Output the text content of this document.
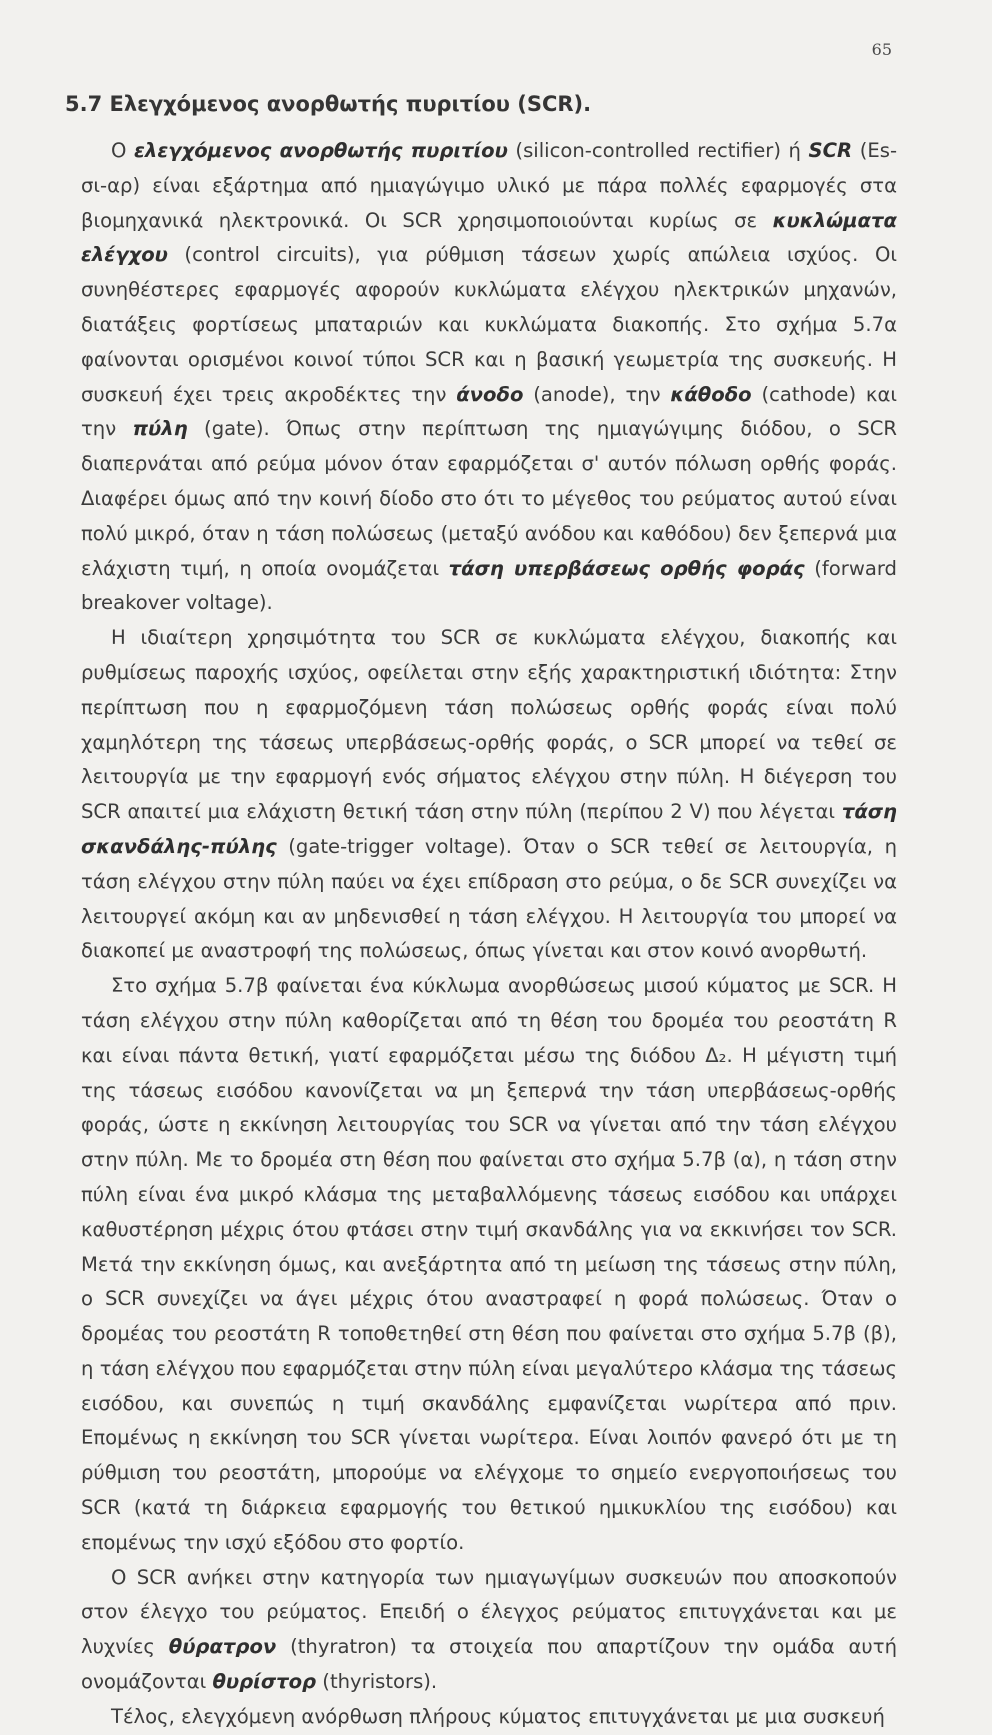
65
5.7 Ελεγχόμενος ανορθωτής πυριτίου (SCR).

Ο ελεγχόμενος ανορθωτής πυριτίου (silicon-controlled rectifier) ή SCR (Es-σι-αρ) είναι εξάρτημα από ημιαγώγιμο υλικό με πάρα πολλές εφαρμογές στα βιομηχανικά ηλεκτρονικά. Οι SCR χρησιμοποιούνται κυρίως σε κυκλώματα ελέγχου (control circuits), για ρύθμιση τάσεων χωρίς απώλεια ισχύος. Οι συνηθέστερες εφαρμογές αφορούν κυκλώματα ελέγχου ηλεκτρικών μηχανών, διατάξεις φορτίσεως μπαταριών και κυκλώματα διακοπής. Στο σχήμα 5.7α φαίνονται ορισμένοι κοινοί τύποι SCR και η βασική γεωμετρία της συσκευής. Η συσκευή έχει τρεις ακροδέκτες την άνοδο (anode), την κάθοδο (cathode) και την πύλη (gate). Όπως στην περίπτωση της ημιαγώγιμης διόδου, ο SCR διαπερνάται από ρεύμα μόνον όταν εφαρμόζεται σ' αυτόν πόλωση ορθής φοράς. Διαφέρει όμως από την κοινή δίοδο στο ότι το μέγεθος του ρεύματος αυτού είναι πολύ μικρό, όταν η τάση πολώσεως (μεταξύ ανόδου και καθόδου) δεν ξεπερνά μια ελάχιστη τιμή, η οποία ονομάζεται τάση υπερβάσεως ορθής φοράς (forward breakover voltage).

Η ιδιαίτερη χρησιμότητα του SCR σε κυκλώματα ελέγχου, διακοπής και ρυθμίσεως παροχής ισχύος, οφείλεται στην εξής χαρακτηριστική ιδιότητα: Στην περίπτωση που η εφαρμοζόμενη τάση πολώσεως ορθής φοράς είναι πολύ χαμηλότερη της τάσεως υπερβάσεως-ορθής φοράς, ο SCR μπορεί να τεθεί σε λειτουργία με την εφαρμογή ενός σήματος ελέγχου στην πύλη. Η διέγερση του SCR απαιτεί μια ελάχιστη θετική τάση στην πύλη (περίπου 2 V) που λέγεται τάση σκανδάλης-πύλης (gate-trigger voltage). Όταν ο SCR τεθεί σε λειτουργία, η τάση ελέγχου στην πύλη παύει να έχει επίδραση στο ρεύμα, ο δε SCR συνεχίζει να λειτουργεί ακόμη και αν μηδενισθεί η τάση ελέγχου. Η λειτουργία του μπορεί να διακοπεί με αναστροφή της πολώσεως, όπως γίνεται και στον κοινό ανορθωτή.

Στο σχήμα 5.7β φαίνεται ένα κύκλωμα ανορθώσεως μισού κύματος με SCR. Η τάση ελέγχου στην πύλη καθορίζεται από τη θέση του δρομέα του ρεοστάτη R και είναι πάντα θετική, γιατί εφαρμόζεται μέσω της διόδου Δ₂. Η μέγιστη τιμή της τάσεως εισόδου κανονίζεται να μη ξεπερνά την τάση υπερβάσεως-ορθής φοράς, ώστε η εκκίνηση λειτουργίας του SCR να γίνεται από την τάση ελέγχου στην πύλη. Με το δρομέα στη θέση που φαίνεται στο σχήμα 5.7β (α), η τάση στην πύλη είναι ένα μικρό κλάσμα της μεταβαλλόμενης τάσεως εισόδου και υπάρχει καθυστέρηση μέχρις ότου φτάσει στην τιμή σκανδάλης για να εκκινήσει τον SCR. Μετά την εκκίνηση όμως, και ανεξάρτητα από τη μείωση της τάσεως στην πύλη, ο SCR συνεχίζει να άγει μέχρις ότου αναστραφεί η φορά πολώσεως. Όταν ο δρομέας του ρεοστάτη R τοποθετηθεί στη θέση που φαίνεται στο σχήμα 5.7β (β), η τάση ελέγχου που εφαρμόζεται στην πύλη είναι μεγαλύτερο κλάσμα της τάσεως εισόδου, και συνεπώς η τιμή σκανδάλης εμφανίζεται νωρίτερα από πριν. Επομένως η εκκίνηση του SCR γίνεται νωρίτερα. Είναι λοιπόν φανερό ότι με τη ρύθμιση του ρεοστάτη, μπορούμε να ελέγχομε το σημείο ενεργοποιήσεως του SCR (κατά τη διάρκεια εφαρμογής του θετικού ημικυκλίου της εισόδου) και επομένως την ισχύ εξόδου στο φορτίο.

Ο SCR ανήκει στην κατηγορία των ημιαγωγίμων συσκευών που αποσκοπούν στον έλεγχο του ρεύματος. Επειδή ο έλεγχος ρεύματος επιτυγχάνεται και με λυχνίες θύρατρον (thyratron) τα στοιχεία που απαρτίζουν την ομάδα αυτή ονομάζονται θυρίστορ (thyristors).

Τέλος, ελεγχόμενη ανόρθωση πλήρους κύματος επιτυγχάνεται με μια συσκευή
